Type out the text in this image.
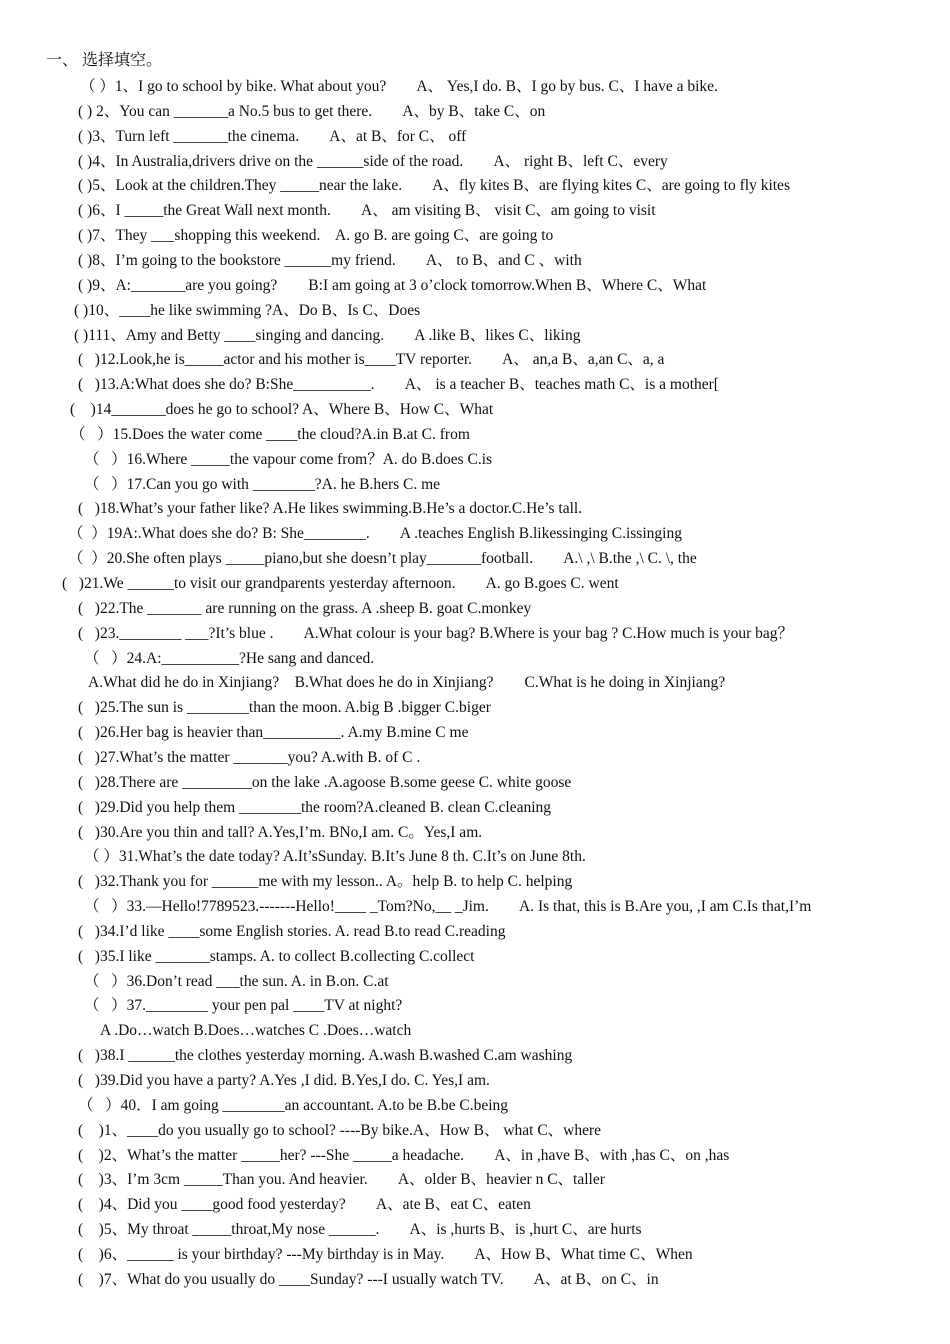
一、 选择填空。
（ ）1、I go to school by bike. What about you?        A、 Yes,I do. B、I go by bus. C、I have a bike.
( ) 2、You can _______a No.5 bus to get there.        A、by B、take C、on
( )3、Turn left _______the cinema.        A、at B、for C、 off
( )4、In Australia,drivers drive on the ______side of the road.        A、 right B、left C、every
( )5、Look at the children.They _____near the lake.        A、fly kites B、are flying kites C、are going to fly kites
( )6、I _____the Great Wall next month.        A、 am visiting B、 visit C、am going to visit
( )7、They ___shopping this weekend.    A. go B. are going C、are going to
( )8、I’m going to the bookstore ______my friend.        A、 to B、and C 、with
( )9、A:_______are you going?        B:I am going at 3 o’clock tomorrow.When B、Where C、What
( )10、____he like swimming ?A、Do B、Is C、Does
( )111、Amy and Betty ____singing and dancing.        A .like B、likes C、liking
(   )12.Look,he is_____actor and his mother is____TV reporter.        A、 an,a B、a,an C、a, a
(   )13.A:What does she do? B:She__________.        A、 is a teacher B、teaches math C、is a mother[
(    )14_______does he go to school? A、Where B、How C、What
（   ）15.Does the water come ____the cloud?A.in B.at C. from
（   ）16.Where _____the vapour come from？A. do B.does C.is
（   ）17.Can you go with ________?A. he B.hers C. me
(   )18.What’s your father like? A.He likes swimming.B.He’s a doctor.C.He’s tall.
（  ）19A:.What does she do? B: She________.        A .teaches English B.likessinging C.issinging
（  ）20.She often plays _____piano,but she doesn’t play_______football.        A.\ ,\ B.the ,\ C. \, the
(   )21.We ______to visit our grandparents yesterday afternoon.        A. go B.goes C. went
(   )22.The _______ are running on the grass. A .sheep B. goat C.monkey
(   )23.________ ___?It’s blue .        A.What colour is your bag? B.Where is your bag ? C.How much is your bag？
（   ）24.A:__________?He sang and danced.
A.What did he do in Xinjiang?    B.What does he do in Xinjiang?        C.What is he doing in Xinjiang?
(   )25.The sun is ________than the moon. A.big B .bigger C.biger
(   )26.Her bag is heavier than__________. A.my B.mine C me
(   )27.What’s the matter _______you? A.with B. of C .
(   )28.There are _________on the lake .A.agoose B.some geese C. white goose
(   )29.Did you help them ________the room?A.cleaned B. clean C.cleaning
(   )30.Are you thin and tall? A.Yes,I’m. BNo,I am. C。Yes,I am.
（ ）31.What’s the date today? A.It’sSunday. B.It’s June 8 th. C.It’s on June 8th.
(   )32.Thank you for ______me with my lesson.. A。help B. to help C. helping
（   ）33.—Hello!7789523.-------Hello!____ _Tom?No,__ _Jim.        A. Is that, this is B.Are you, ,I am C.Is that,I’m
(   )34.I’d like ____some English stories. A. read B.to read C.reading
(   )35.I like _______stamps. A. to collect B.collecting C.collect
（   ）36.Don’t read ___the sun. A. in B.on. C.at
（   ）37.________ your pen pal ____TV at night?
A .Do…watch B.Does…watches C .Does…watch
(   )38.I ______the clothes yesterday morning. A.wash B.washed C.am washing
(   )39.Did you have a party? A.Yes ,I did. B.Yes,I do. C. Yes,I am.
（   ）40．I am going ________an accountant. A.to be B.be C.being
(    )1、____do you usually go to school? ----By bike.A、How B、 what C、where
(    )2、What’s the matter _____her? ---She _____a headache.        A、in ,have B、with ,has C、on ,has
(    )3、I’m 3cm _____Than you. And heavier.        A、older B、heavier n C、taller
(    )4、Did you ____good food yesterday?        A、ate B、eat C、eaten
(    )5、My throat _____throat,My nose ______.        A、is ,hurts B、is ,hurt C、are hurts
(    )6、______ is your birthday? ---My birthday is in May.        A、How B、What time C、When
(    )7、What do you usually do ____Sunday? ---I usually watch TV.        A、at B、on C、in
